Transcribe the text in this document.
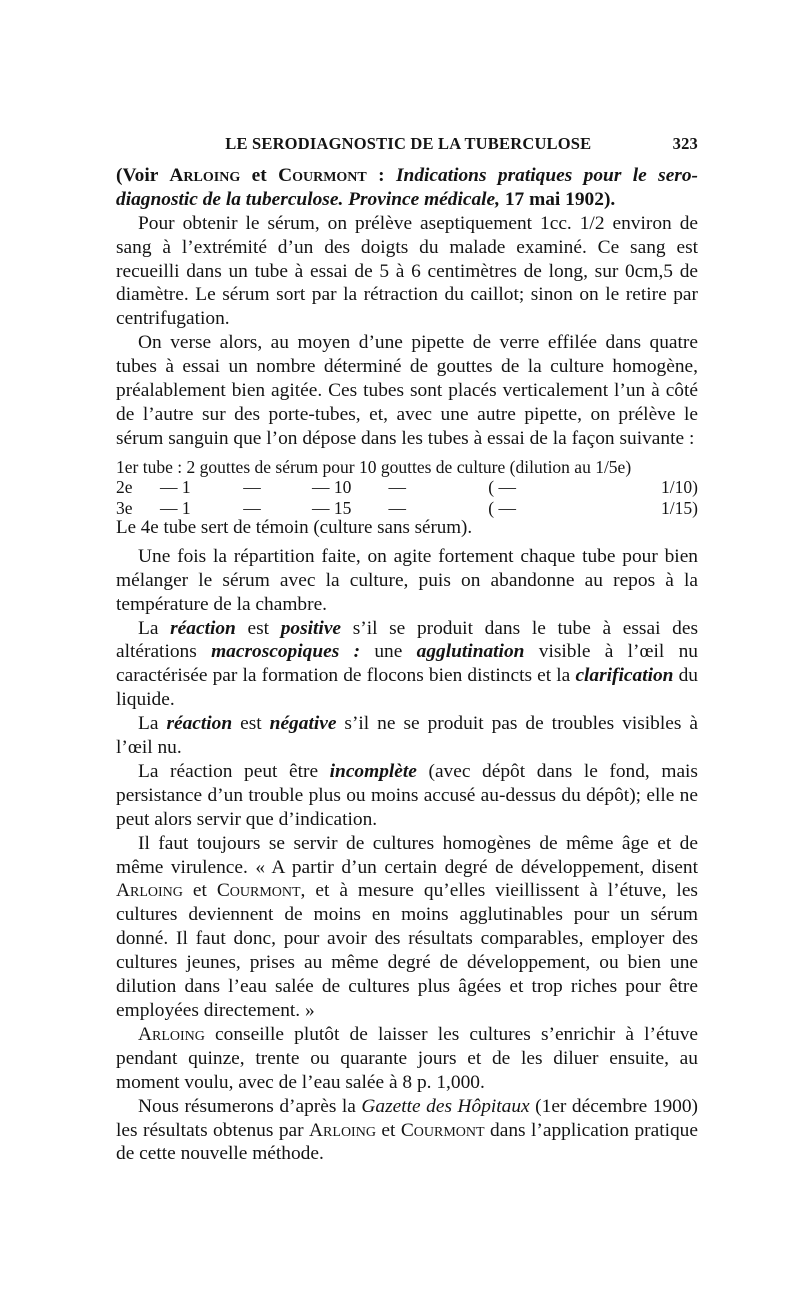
LE SERODIAGNOSTIC DE LA TUBERCULOSE	323

(Voir Arloing et Courmont : Indications pratiques pour le sero-diagnostic de la tuberculose. Province médicale, 17 mai 1902).

Pour obtenir le sérum, on prélève aseptiquement 1cc. 1/2 environ de sang à l’extrémité d’un des doigts du malade examiné. Ce sang est recueilli dans un tube à essai de 5 à 6 centimètres de long, sur 0cm,5 de diamètre. Le sérum sort par la rétraction du caillot; sinon on le retire par centrifugation.

On verse alors, au moyen d’une pipette de verre effilée dans quatre tubes à essai un nombre déterminé de gouttes de la culture homogène, préalablement bien agitée. Ces tubes sont placés verticalement l’un à côté de l’autre sur des porte-tubes, et, avec une autre pipette, on prélève le sérum sanguin que l’on dépose dans les tubes à essai de la façon suivante :

1er tube : 2 gouttes de sérum pour 10 gouttes de culture (dilution au 1/5e)
2e	— 1	—	— 10	—	( —	1/10)
3e	— 1	—	— 15	—	( —	1/15)
Le 4e tube sert de témoin (culture sans sérum).

Une fois la répartition faite, on agite fortement chaque tube pour bien mélanger le sérum avec la culture, puis on abandonne au repos à la température de la chambre.

La réaction est positive s’il se produit dans le tube à essai des altérations macroscopiques : une agglutination visible à l’œil nu caractérisée par la formation de flocons bien distincts et la clarification du liquide.

La réaction est négative s’il ne se produit pas de troubles visibles à l’œil nu.

La réaction peut être incomplète (avec dépôt dans le fond, mais persistance d’un trouble plus ou moins accusé au-dessus du dépôt); elle ne peut alors servir que d’indication.

Il faut toujours se servir de cultures homogènes de même âge et de même virulence. « A partir d’un certain degré de développement, disent Arloing et Courmont, et à mesure qu’elles vieillissent à l’étuve, les cultures deviennent de moins en moins agglutinables pour un sérum donné. Il faut donc, pour avoir des résultats comparables, employer des cultures jeunes, prises au même degré de développement, ou bien une dilution dans l’eau salée de cultures plus âgées et trop riches pour être employées directement. »

Arloing conseille plutôt de laisser les cultures s’enrichir à l’étuve pendant quinze, trente ou quarante jours et de les diluer ensuite, au moment voulu, avec de l’eau salée à 8 p. 1,000.

Nous résumerons d’après la Gazette des Hôpitaux (1er décembre 1900) les résultats obtenus par Arloing et Courmont dans l’application pratique de cette nouvelle méthode.
